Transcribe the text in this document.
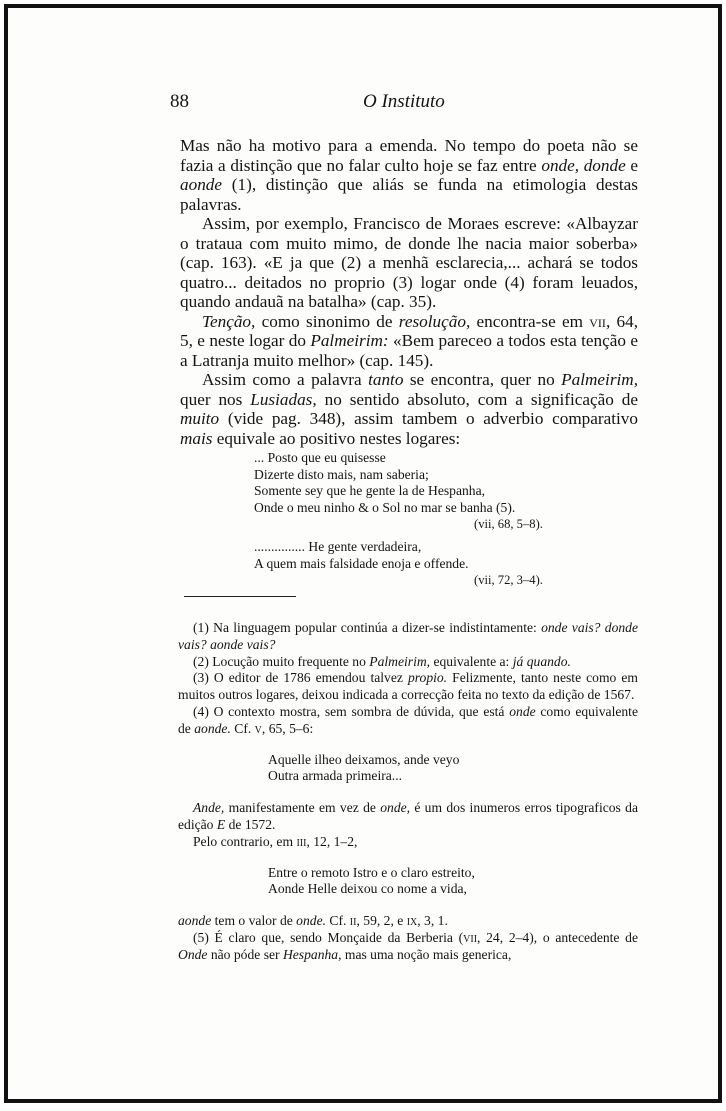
88	O Instituto

Mas não ha motivo para a emenda. No tempo do poeta não se fazia a distinção que no falar culto hoje se faz entre onde, donde e aonde (1), distinção que aliás se funda na etimologia destas palavras.

Assim, por exemplo, Francisco de Moraes escreve: «Albayzar o trataua com muito mimo, de donde lhe nacia maior soberba» (cap. 163). «E ja que (2) a menhã esclarecia,... achará se todos quatro... deitados no proprio (3) logar onde (4) foram leuados, quando andauã na batalha» (cap. 35).

Tenção, como sinonimo de resolução, encontra-se em vii, 64, 5, e neste logar do Palmeirim: «Bem pareceo a todos esta tenção e a Latranja muito melhor» (cap. 145).

Assim como a palavra tanto se encontra, quer no Palmeirim, quer nos Lusiadas, no sentido absoluto, com a significação de muito (vide pag. 348), assim tambem o adverbio comparativo mais equivale ao positivo nestes logares:

... Posto que eu quisesse
Dizerte disto mais, nam saberia;
Somente sey que he gente la de Hespanha,
Onde o meu ninho & o Sol no mar se banha (5).
(vii, 68, 5–8).
............... He gente verdadeira,
A quem mais falsidade enoja e offende.
(vii, 72, 3–4).

(1) Na linguagem popular continúa a dizer-se indistintamente: onde vais? donde vais? aonde vais?

(2) Locução muito frequente no Palmeirim, equivalente a: já quando.

(3) O editor de 1786 emendou talvez propio. Felizmente, tanto neste como em muitos outros logares, deixou indicada a correcção feita no texto da edição de 1567.

(4) O contexto mostra, sem sombra de dúvida, que está onde como equivalente de aonde. Cf. v, 65, 5–6:

Aquelle ilheo deixamos, ande veyo
Outra armada primeira...

Ande, manifestamente em vez de onde, é um dos inumeros erros tipograficos da edição E de 1572.

Pelo contrario, em iii, 12, 1–2,

Entre o remoto Istro e o claro estreito,
Aonde Helle deixou co nome a vida,

aonde tem o valor de onde. Cf. ii, 59, 2, e ix, 3, 1.

(5) É claro que, sendo Monçaide da Berberia (vii, 24, 2–4), o antecedente de Onde não póde ser Hespanha, mas uma noção mais generica,
